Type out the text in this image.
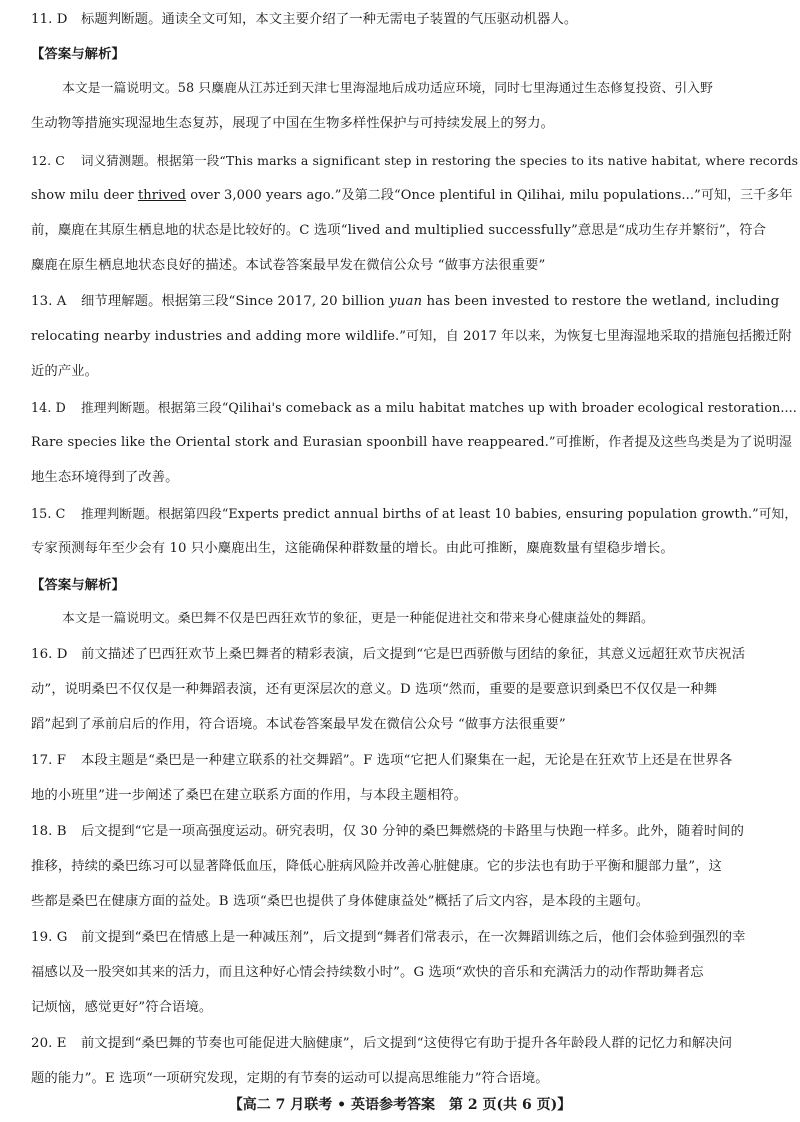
11. D 标题判断题。通读全文可知，本文主要介绍了一种无需电子装置的气压驱动机器人。
【答案与解析】
本文是一篇说明文。58 只麋鹿从江苏迁到天津七里海湿地后成功适应环境，同时七里海通过生态修复投资、引入野
生动物等措施实现湿地生态复苏，展现了中国在生物多样性保护与可持续发展上的努力。
12. C 词义猜测题。根据第一段“This marks a significant step in restoring the species to its native habitat, where records
show milu deer thrived over 3,000 years ago.”及第二段“Once plentiful in Qilihai, milu populations...”可知，三千多年
前，麋鹿在其原生栖息地的状态是比较好的。C 选项“lived and multiplied successfully”意思是“成功生存并繁衍”，符合
麋鹿在原生栖息地状态良好的描述。本试卷答案最早发在微信公众号 “做事方法很重要”
13. A 细节理解题。根据第三段“Since 2017, 20 billion yuan has been invested to restore the wetland, including
relocating nearby industries and adding more wildlife.”可知，自 2017 年以来，为恢复七里海湿地采取的措施包括搬迁附
近的产业。
14. D 推理判断题。根据第三段“Qilihai's comeback as a milu habitat matches up with broader ecological restoration....
Rare species like the Oriental stork and Eurasian spoonbill have reappeared.”可推断，作者提及这些鸟类是为了说明湿
地生态环境得到了改善。
15. C 推理判断题。根据第四段“Experts predict annual births of at least 10 babies, ensuring population growth.”可知，
专家预测每年至少会有 10 只小麋鹿出生，这能确保种群数量的增长。由此可推断，麋鹿数量有望稳步增长。
【答案与解析】
本文是一篇说明文。桑巴舞不仅是巴西狂欢节的象征，更是一种能促进社交和带来身心健康益处的舞蹈。
16. D 前文描述了巴西狂欢节上桑巴舞者的精彩表演，后文提到“它是巴西骄傲与团结的象征，其意义远超狂欢节庆祝活
动”，说明桑巴不仅仅是一种舞蹈表演，还有更深层次的意义。D 选项“然而，重要的是要意识到桑巴不仅仅是一种舞
蹈”起到了承前启后的作用，符合语境。本试卷答案最早发在微信公众号 “做事方法很重要”
17. F 本段主题是“桑巴是一种建立联系的社交舞蹈”。F 选项“它把人们聚集在一起，无论是在狂欢节上还是在世界各
地的小班里”进一步阐述了桑巴在建立联系方面的作用，与本段主题相符。
18. B 后文提到“它是一项高强度运动。研究表明，仅 30 分钟的桑巴舞燃烧的卡路里与快跑一样多。此外，随着时间的
推移，持续的桑巴练习可以显著降低血压，降低心脏病风险并改善心脏健康。它的步法也有助于平衡和腿部力量”，这
些都是桑巴在健康方面的益处。B 选项“桑巴也提供了身体健康益处”概括了后文内容，是本段的主题句。
19. G 前文提到“桑巴在情感上是一种减压剂”，后文提到“舞者们常表示，在一次舞蹈训练之后，他们会体验到强烈的幸
福感以及一股突如其来的活力，而且这种好心情会持续数小时”。G 选项“欢快的音乐和充满活力的动作帮助舞者忘
记烦恼，感觉更好”符合语境。
20. E 前文提到“桑巴舞的节奏也可能促进大脑健康”，后文提到“这使得它有助于提升各年龄段人群的记忆力和解决问
题的能力”。E 选项“一项研究发现，定期的有节奏的运动可以提高思维能力”符合语境。
【高二 7 月联考 • 英语参考答案　第 2 页(共 6 页)】
